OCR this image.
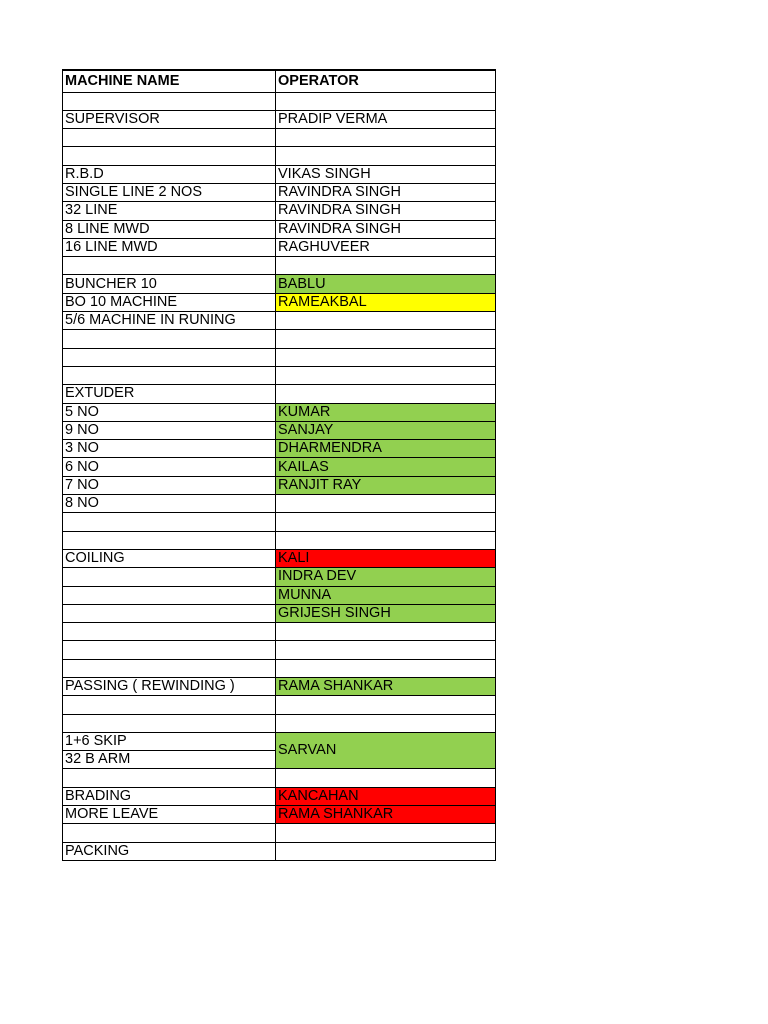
MACHINE NAME	OPERATOR

SUPERVISOR	PRADIP VERMA

R.B.D	VIKAS SINGH
SINGLE LINE 2 NOS	RAVINDRA SINGH
32 LINE	RAVINDRA SINGH
8 LINE MWD	RAVINDRA SINGH
16 LINE MWD	RAGHUVEER

BUNCHER 10	BABLU
BO 10 MACHINE	RAMEAKBAL
5/6 MACHINE IN RUNING	

EXTUDER	
5 NO	KUMAR
9 NO	SANJAY
3 NO	DHARMENDRA
6 NO	KAILAS
7 NO	RANJIT RAY
8 NO	

COILING	KALI
	INDRA DEV
	MUNNA
	GRIJESH SINGH

PASSING ( REWINDING )	RAMA SHANKAR

1+6 SKIP	SARVAN
32 B ARM	

BRADING	KANCAHAN
MORE LEAVE	RAMA SHANKAR

PACKING	
